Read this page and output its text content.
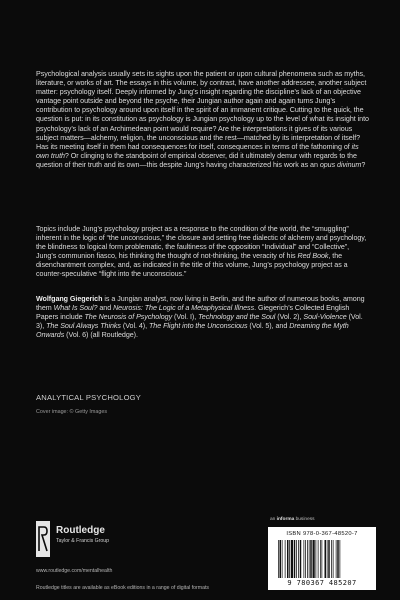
Psychological analysis usually sets its sights upon the patient or upon cultural phenomena such as myths, literature, or works of art. The essays in this volume, by contrast, have another addressee, another subject matter: psychology itself. Deeply informed by Jung’s insight regarding the discipline’s lack of an objective vantage point outside and beyond the psyche, their Jungian author again and again turns Jung’s contribution to psychology around upon itself in the spirit of an immanent critique. Cutting to the quick, the question is put: in its constitution as psychology is Jungian psychology up to the level of what its insight into psychology’s lack of an Archimedean point would require? Are the interpretations it gives of its various subject matters—alchemy, religion, the unconscious and the rest—matched by its interpretation of itself? Has its meeting itself in them had consequences for itself, consequences in terms of the fathoming of its own truth? Or clinging to the standpoint of empirical observer, did it ultimately demur with regards to the question of their truth and its own—this despite Jung’s having characterized his work as an opus divinum?

Topics include Jung’s psychology project as a response to the condition of the world, the “smuggling” inherent in the logic of “the unconscious,” the closure and setting free dialectic of alchemy and psychology, the blindness to logical form problematic, the faultiness of the opposition “Individual” and “Collective”, Jung’s communion fiasco, his thinking the thought of not-thinking, the veracity of his Red Book, the disenchantment complex, and, as indicated in the title of this volume, Jung’s psychology project as a counter-speculative “flight into the unconscious.”

Wolfgang Giegerich is a Jungian analyst, now living in Berlin, and the author of numerous books, among them What Is Soul? and Neurosis: The Logic of a Metaphysical Illness. Giegerich’s Collected English Papers include The Neurosis of Psychology (Vol. I), Technology and the Soul (Vol. 2), Soul-Violence (Vol. 3), The Soul Always Thinks (Vol. 4), The Flight into the Unconscious (Vol. 5), and Dreaming the Myth Onwards (Vol. 6) (all Routledge).

ANALYTICAL PSYCHOLOGY
Cover image: © Getty Images
Routledge
Taylor & Francis Group
www.routledge.com/mentalhealth
Routledge titles are available as eBook editions in a range of digital formats
an informa business
ISBN 978-0-367-48520-7
9 780367 485207
